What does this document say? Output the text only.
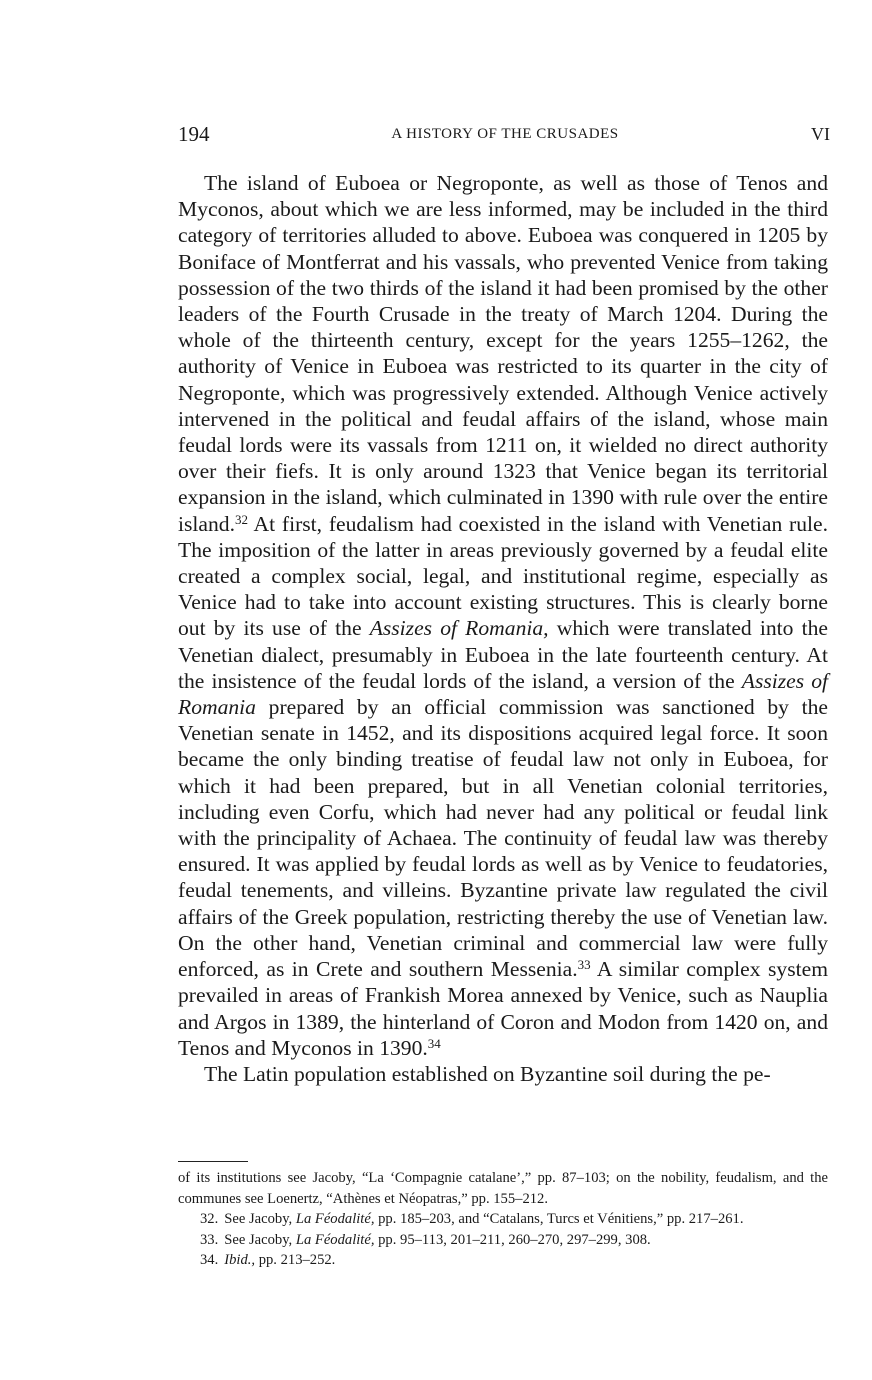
194	A HISTORY OF THE CRUSADES	VI

The island of Euboea or Negroponte, as well as those of Tenos and Myconos, about which we are less informed, may be included in the third category of territories alluded to above. Euboea was conquered in 1205 by Boniface of Montferrat and his vassals, who prevented Venice from taking possession of the two thirds of the island it had been promised by the other leaders of the Fourth Crusade in the treaty of March 1204. During the whole of the thirteenth century, except for the years 1255–1262, the authority of Venice in Euboea was restricted to its quarter in the city of Negroponte, which was progressively extended. Although Venice actively intervened in the political and feudal affairs of the island, whose main feudal lords were its vassals from 1211 on, it wielded no direct authority over their fiefs. It is only around 1323 that Venice began its territorial expansion in the island, which culminated in 1390 with rule over the entire island.$^{32}$ At first, feudalism had coexisted in the island with Venetian rule. The imposition of the latter in areas previously governed by a feudal elite created a complex social, legal, and institutional regime, especially as Venice had to take into account existing structures. This is clearly borne out by its use of the Assizes of Romania, which were translated into the Venetian dialect, presumably in Euboea in the late fourteenth century. At the insistence of the feudal lords of the island, a version of the Assizes of Romania prepared by an official commission was sanctioned by the Venetian senate in 1452, and its dispositions acquired legal force. It soon became the only binding treatise of feudal law not only in Euboea, for which it had been prepared, but in all Venetian colonial territories, including even Corfu, which had never had any political or feudal link with the principality of Achaea. The continuity of feudal law was thereby ensured. It was applied by feudal lords as well as by Venice to feudatories, feudal tenements, and villeins. Byzantine private law regulated the civil affairs of the Greek population, restricting thereby the use of Venetian law. On the other hand, Venetian criminal and commercial law were fully enforced, as in Crete and southern Messenia.$^{33}$ A similar complex system prevailed in areas of Frankish Morea annexed by Venice, such as Nauplia and Argos in 1389, the hinterland of Coron and Modon from 1420 on, and Tenos and Myconos in 1390.34

The Latin population established on Byzantine soil during the pe-

of its institutions see Jacoby, “La ‘Compagnie catalane’,” pp. 87–103; on the nobility, feudalism, and the communes see Loenertz, “Athènes et Néopatras,” pp. 155–212.

32. See Jacoby, La Féodalité, pp. 185–203, and “Catalans, Turcs et Vénitiens,” pp. 217–261.

33. See Jacoby, La Féodalité, pp. 95–113, 201–211, 260–270, 297–299, 308.

34. Ibid., pp. 213–252.
